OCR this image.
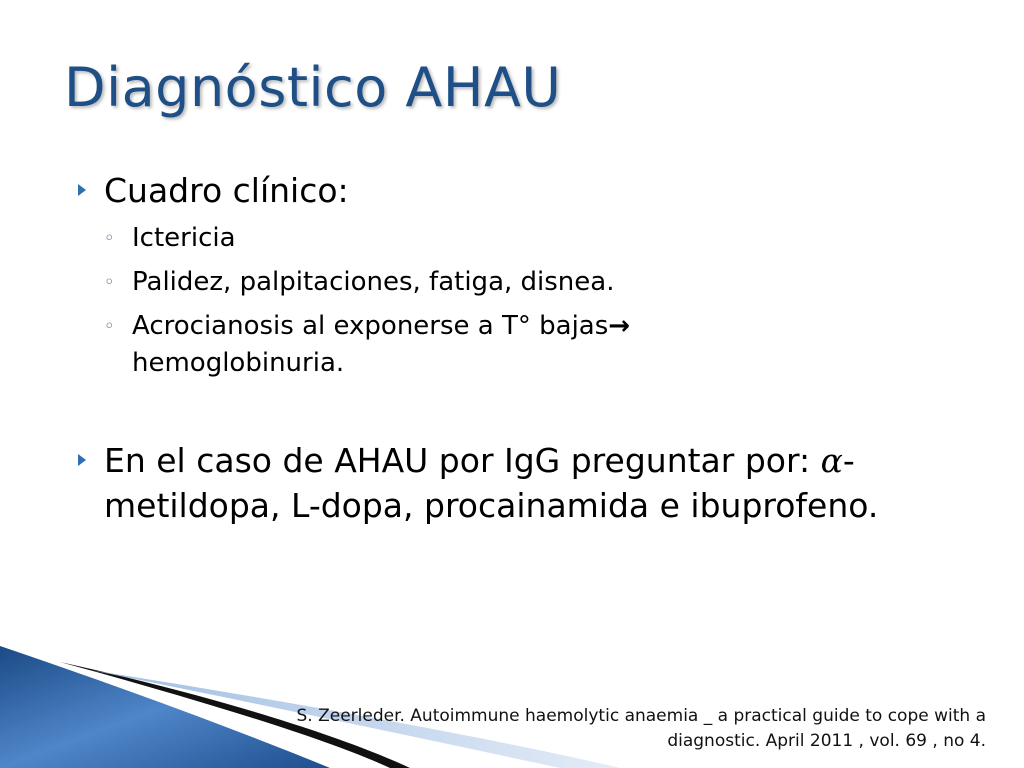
Diagnóstico AHAU
Cuadro clínico:
◦ Ictericia
◦ Palidez, palpitaciones, fatiga, disnea.
◦ Acrocianosis al exponerse a T° bajas→
hemoglobinuria.
En el caso de AHAU por IgG preguntar por: α-metildopa, L-dopa, procainamida e ibuprofeno.
S. Zeerleder. Autoimmune haemolytic anaemia _ a practical guide to cope with a
diagnostic. April 2011 , vol. 69 , no 4.
